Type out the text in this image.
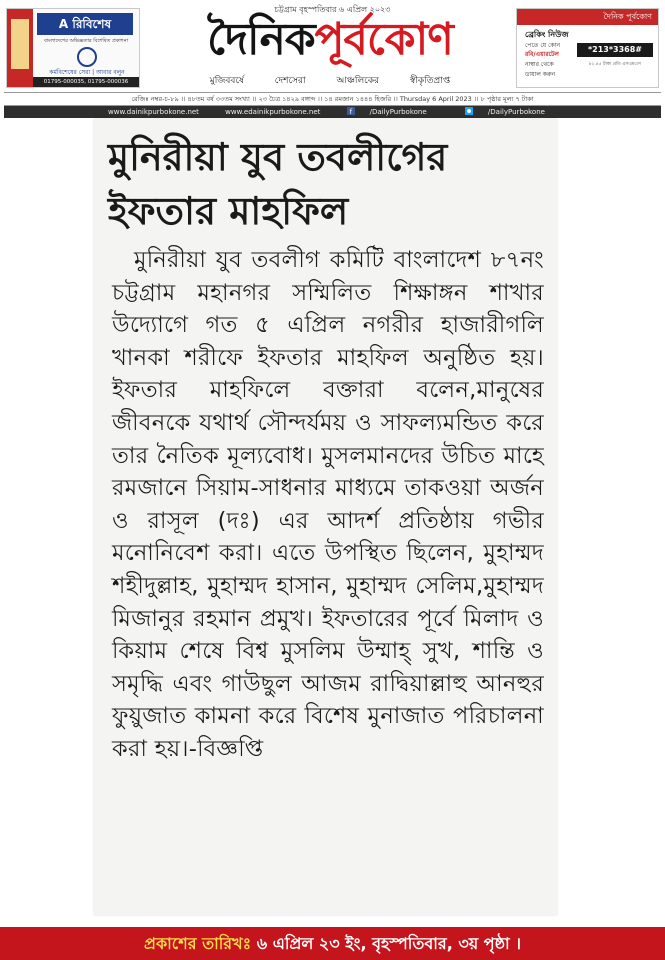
চট্টগ্রাম বৃহস্পতিবার ৬ এপ্রিল ২০২৩
A রিবিশেষ
বাংলাদেশের অভিজ্ঞতার বিশেষিত প্রকাশনা
কর্মবিশেষের সেরা | আবার বলুন
01795-000035, 01795-000036
দৈনিকপূর্বকোণ
মুজিববর্ষে দেশসেরা	আঞ্চলিকের স্বীকৃতিপ্রাপ্ত
দৈনিক পূর্বকোণ
ব্রেকিং নিউজ
পেতে যে কোন
রবি/এয়ারটেল
নাম্বার থেকে
ডায়াল করুন
*213*3368#
৳২.৪৫ টাকা প্রতি এসএমএস
রেজিঃ নম্বর-চ-৮৯ ।। ৪৮তম বর্ষ ৩৩তম সংখ্যা ।। ২৩ চৈত্র ১৪২৯ বঙ্গাব্দ ।। ১৪ রমজান ১৪৪৪ হিজরি ।। Thursday 6 April 2023 ।। ৮ পৃষ্ঠার মূল্য ৭ টাকা
www.dainikpurbokone.net	www.edainikpurbokone.net	f	/DailyPurbokone	/DailyPurbokone
মুনিরীয়া যুব তবলীগের ইফতার মাহফিল
মুনিরীয়া যুব তবলীগ কমিটি বাংলাদেশ ৮৭নং চট্টগ্রাম মহানগর সম্মিলিত শিক্ষাঙ্গন শাখার উদ্যোগে গত ৫ এপ্রিল নগরীর হাজারীগলি খানকা শরীফে ইফতার মাহফিল অনুষ্ঠিত হয়। ইফতার মাহফিলে বক্তারা বলেন,মানুষের জীবনকে যথার্থ সৌন্দর্যময় ও সাফল্যমন্ডিত করে তার নৈতিক মূল্যবোধ। মুসলমানদের উচিত মাহে রমজানে সিয়াম-সাধনার মাধ্যমে তাকওয়া অর্জন ও রাসূল (দঃ) এর আদর্শ প্রতিষ্ঠায় গভীর মনোনিবেশ করা। এতে উপস্থিত ছিলেন, মুহাম্মদ শহীদুল্লাহ, মুহাম্মদ হাসান, মুহাম্মদ সেলিম,মুহাম্মদ মিজানুর রহমান প্রমুখ। ইফতারের পূর্বে মিলাদ ও কিয়াম শেষে বিশ্ব মুসলিম উম্মাহ্ সুখ, শান্তি ও সমৃদ্ধি এবং গাউছুল আজম রাদ্বিয়াল্লাহু আনহুর ফুয়ুজাত কামনা করে বিশেষ মুনাজাত পরিচালনা করা হয়।-বিজ্ঞপ্তি
প্রকাশের তারিখঃ ৬ এপ্রিল ২৩ ইং, বৃহস্পতিবার, ৩য় পৃষ্ঠা ।
